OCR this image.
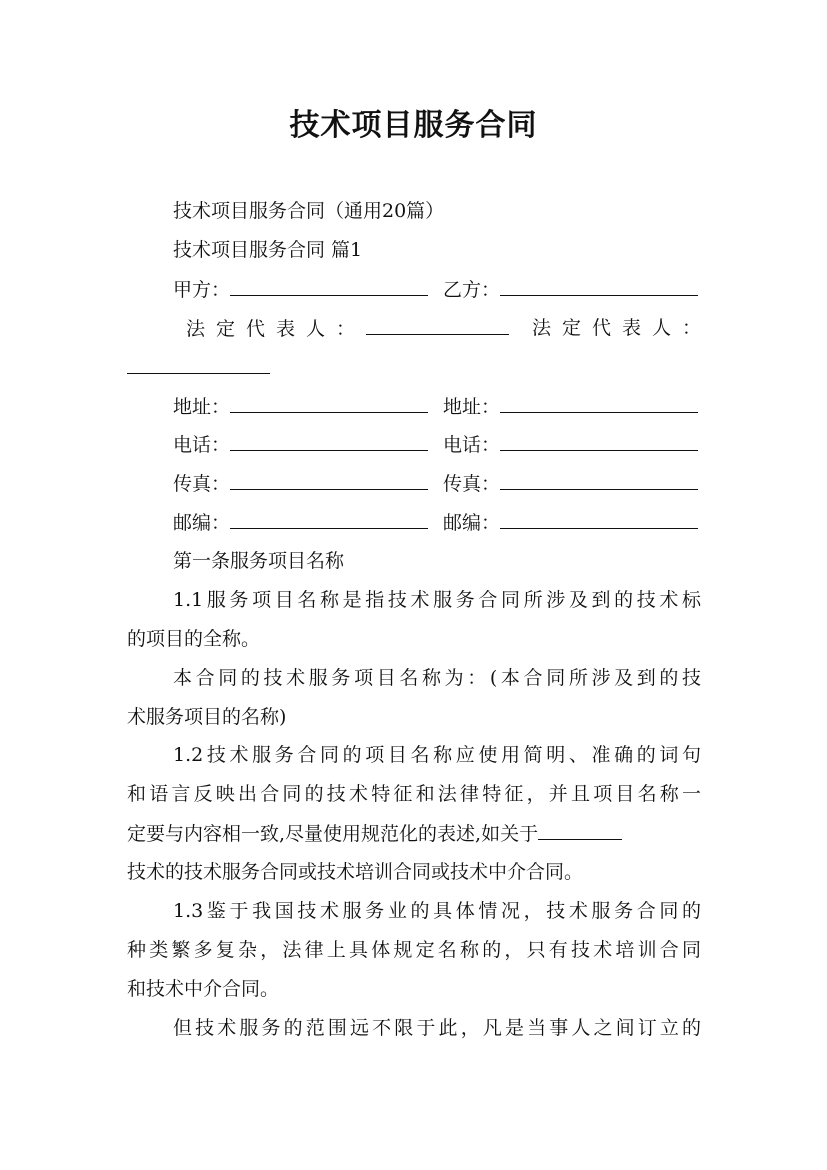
技术项目服务合同
技术项目服务合同（通用20篇）
技术项目服务合同 篇1
甲方：	乙方：
法定代表人：	法定代表人：
地址：	地址：
电话：	电话：
传真：	传真：
邮编：	邮编：
第一条服务项目名称
1.1服务项目名称是指技术服务合同所涉及到的技术标
的项目的全称。
本合同的技术服务项目名称为：(本合同所涉及到的技
术服务项目的名称)
1.2技术服务合同的项目名称应使用简明、准确的词句
和语言反映出合同的技术特征和法律特征，并且项目名称一
定要与内容相一致,尽量使用规范化的表述,如关于
技术的技术服务合同或技术培训合同或技术中介合同。
1.3鉴于我国技术服务业的具体情况，技术服务合同的
种类繁多复杂，法律上具体规定名称的，只有技术培训合同
和技术中介合同。
但技术服务的范围远不限于此，凡是当事人之间订立的
